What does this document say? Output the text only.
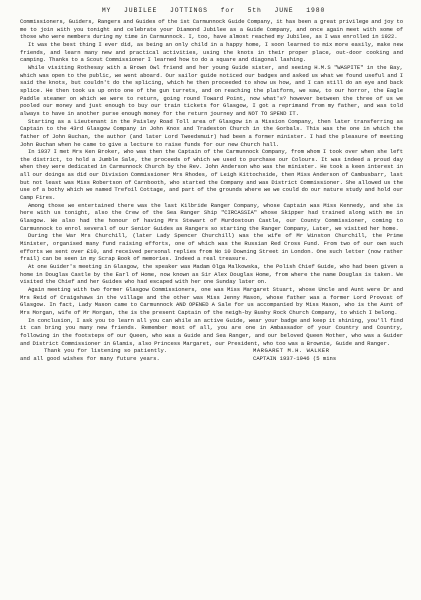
MY JUBILEE JOTTINGS for 5th JUNE 1980

Commissioners, Guiders, Rangers and Guides of the 1st Carmunnock Guide Company, it has been a great privilege and joy to me to join with you tonight and celebrate your Diamond Jubilee as a Guide Company, and once again meet with some of those who were members during my time in Carmunnock. I, too, have almost reached my Jubilee, as I was enrolled in 1922.

It was the best thing I ever did, as being an only child in a happy home, I soon learned to mix more easily, make new friends, and learn many new and practical activities, using the knots in their proper place, out-door cooking and camping. Thanks to a Scout Commissioner I learned how to do a square and diagonal lashing.

While visiting Rothesay with a Brown Owl friend and her young Guide sister, and seeing H.M.S "WASPITE" in the Bay, which was open to the public, we went aboard. Our sailor guide noticed our badges and asked us what we found useful and I said the knots, but couldn't do the splicing, which he then proceeded to show us how, and I can still do an eye and back splice. He then took us up onto one of the gun turrets, and on reaching the platform, we saw, to our horror, the Eagle Paddle steamer on which we were to return, going round Toward Point, now what's? however between the three of us we pooled our money and just enough to buy our train tickets for Glasgow, I got a reprimand from my father, and was told always to have in another purse enough money for the return journey and NOT TO SPEND IT.

Starting as a Lieutenant in the Paisley Road Toll area of Glasgow in a Mission Company, then later transferring as Captain to the 43rd Glasgow Company in John Knox and Tradeston Church in the Gorbals. This was the one in which the father of John Buchan, the author (and later Lord Tweedsmuir) had been a former minister. I had the pleasure of meeting John Buchan when he came to give a lecture to raise funds for our new Church hall.

In 1937 I met Mrs Ken Broker, who was then the Captain of the Carmunnock Company, from whom I took over when she left the district, to hold a Jumble Sale, the proceeds of which we used to purchase our Colours. It was indeed a proud day when they were dedicated in Carmunnock Church by the Rev. John Anderson who was the minister. He took a keen interest in all our doings as did our Division Commissioner Mrs Rhodes, of Leigh Kittochside, then Miss Anderson of Cambusbarr, last but not least was Miss Robertson of Carnbooth, who started the Company and was District Commissioner. She allowed us the use of a bothy which we named Trefoil Cottage, and part of the grounds where we we could do our nature study and hold our Camp Fires.

Among those we entertained there was the last Kilbride Ranger Company, whose Captain was Miss Kennedy, and she is here with us tonight, also the Crew of the Sea Ranger Ship "CIRCASSIA" whose Skipper had trained along with me in Glasgow. We also had the honour of having Mrs Stewart of Murdostoun Castle, our County Commissioner, coming to Carmunnock to enrol several of our Senior Guides as Rangers so starting the Ranger Company, Later, we visited her home.

During the War Mrs Churchill, (later Lady Spencer Churchill) was the wife of Mr Winston Churchill, the Prime Minister, organised many fund raising efforts, one of which was the Russian Red Cross Fund. From two of our own such efforts we sent over £10, and received personal replies from No 10 Downing Street in London. One such letter (now rather frail) can be seen in my Scrap Book of memories. Indeed a real treasure.

At one Guider's meeting in Glasgow, the speaker was Madam Olga Malkowska, the Polish Chief Guide, who had been given a home in Douglas Castle by the Earl of Home, now known as Sir Alex Douglas Home, from where the name Douglas is taken. We visited the Chief and her Guides who had escaped with her one Sunday later on.

Again meeting with two former Glasgow Commissioners, one was Miss Margaret Stuart, whose Uncle and Aunt were Dr and Mrs Reid of Craigshaws in the village and the other was Miss Jenny Mason, whose father was a former Lord Provost of Glasgow. In fact, Lady Mason came to Carmunnock AND OPENED A Sale for us accompanied by Miss Mason, who is the Aunt of Mrs Morgan, wife of Mr Morgan, the is the present Captain of the neigh-by Bushy Rock Church Company, to which I belong.

In conclusion, I ask you to learn all you can while an active Guide, wear your badge and keep it shining, you'll find it can bring you many new friends. Remember most of all, you are one in Ambassador of your Country and Country, following in the footsteps of our Queen, who was a Guide and Sea Ranger, and our beloved Queen Mother, who was a Guider and District Commissioner in Glamis, also Princess Margaret, our President, who too was a Brownie, Guide and Ranger.

Thank you for listening so patiently.	MARGARET M.H. WALKER
and all good wishes for many future years.	CAPTAIN 1937-1946 (5 mins
